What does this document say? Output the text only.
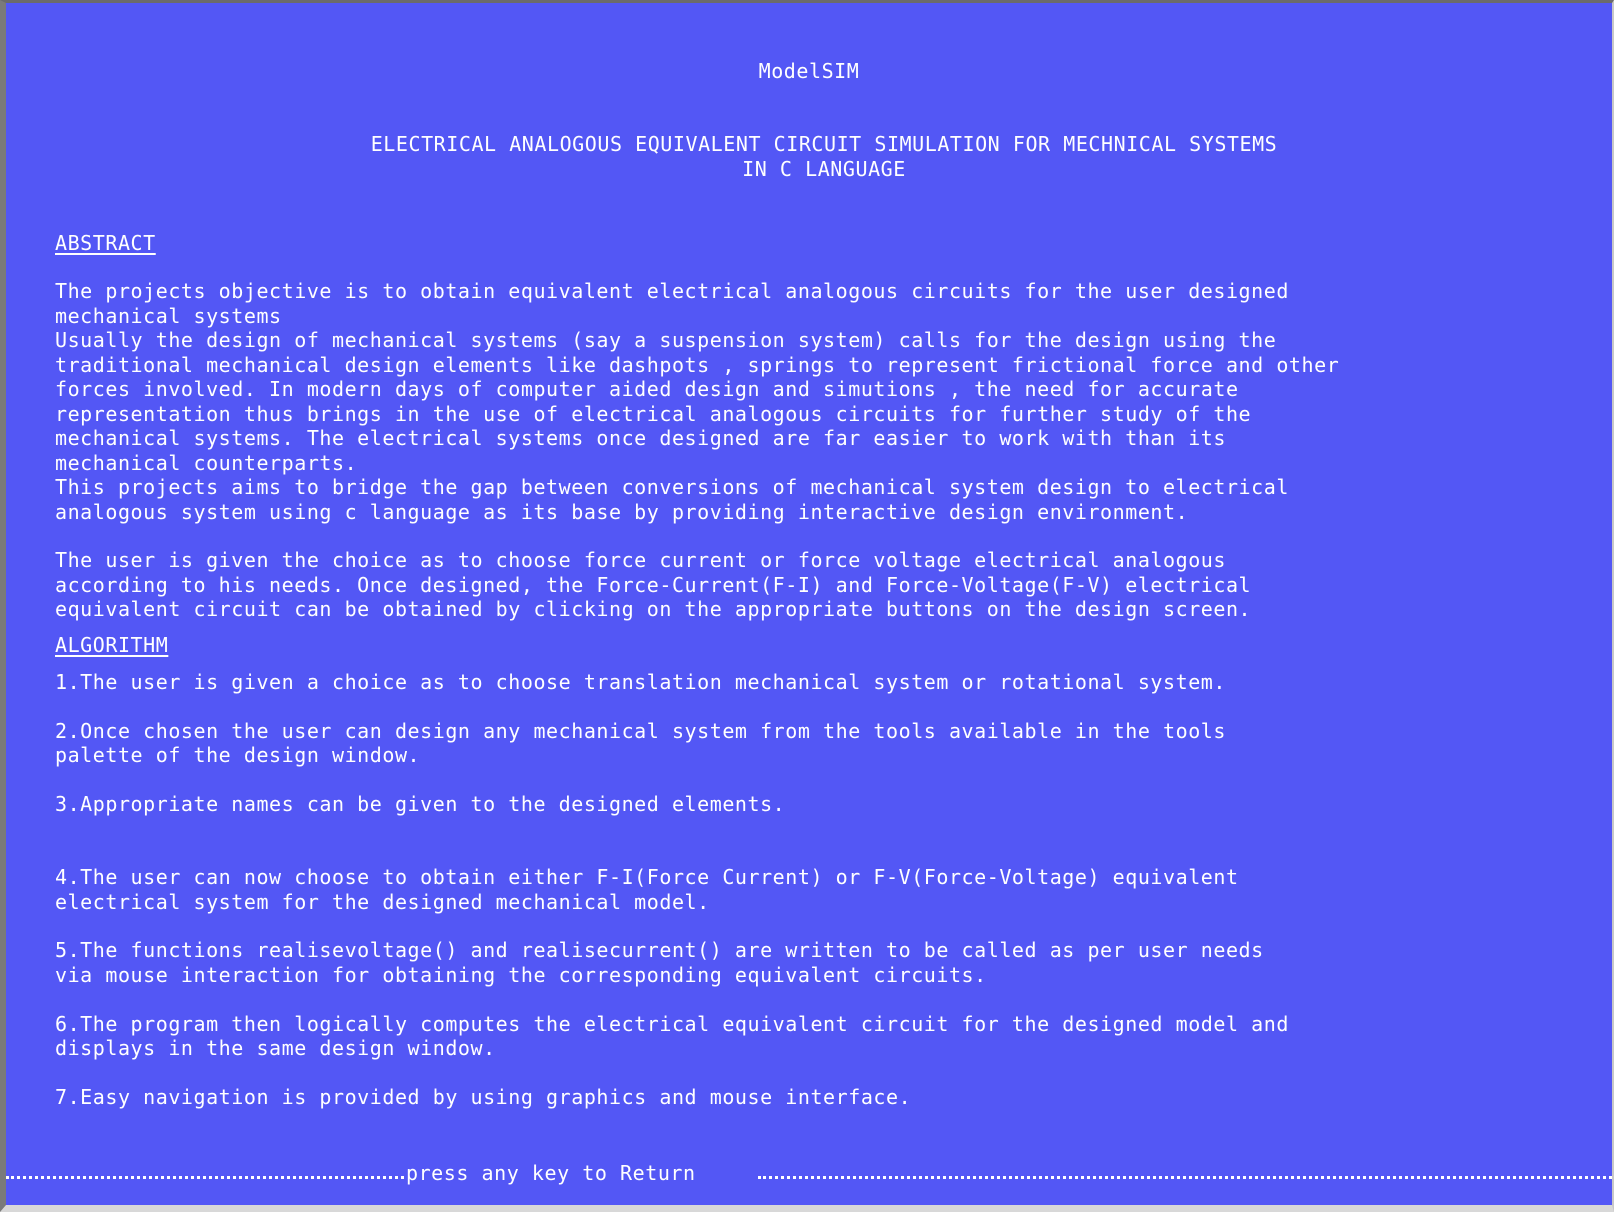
ModelSIM
ELECTRICAL ANALOGOUS EQUIVALENT CIRCUIT SIMULATION FOR MECHNICAL SYSTEMS
IN C LANGUAGE
ABSTRACT
The projects objective is to obtain equivalent electrical analogous circuits for the user designed
mechanical systems
Usually the design of mechanical systems (say a suspension system) calls for the design using the
traditional mechanical design elements like dashpots , springs to represent frictional force and other
forces involved. In modern days of computer aided design and simutions , the need for accurate
representation thus brings in the use of electrical analogous circuits for further study of the
mechanical systems. The electrical systems once designed are far easier to work with than its
mechanical counterparts.
This projects aims to bridge the gap between conversions of mechanical system design to electrical
analogous system using c language as its base by providing interactive design environment.
The user is given the choice as to choose force current or force voltage electrical analogous
according to his needs. Once designed, the Force-Current(F-I) and Force-Voltage(F-V) electrical
equivalent circuit can be obtained by clicking on the appropriate buttons on the design screen.
ALGORITHM
1.The user is given a choice as to choose translation mechanical system or rotational system.
2.Once chosen the user can design any mechanical system from the tools available in the tools
palette of the design window.
3.Appropriate names can be given to the designed elements.
4.The user can now choose to obtain either F-I(Force Current) or F-V(Force-Voltage) equivalent
electrical system for the designed mechanical model.
5.The functions realisevoltage() and realisecurrent() are written to be called as per user needs
via mouse interaction for obtaining the corresponding equivalent circuits.
6.The program then logically computes the electrical equivalent circuit for the designed model and
displays in the same design window.
7.Easy navigation is provided by using graphics and mouse interface.
press any key to Return
